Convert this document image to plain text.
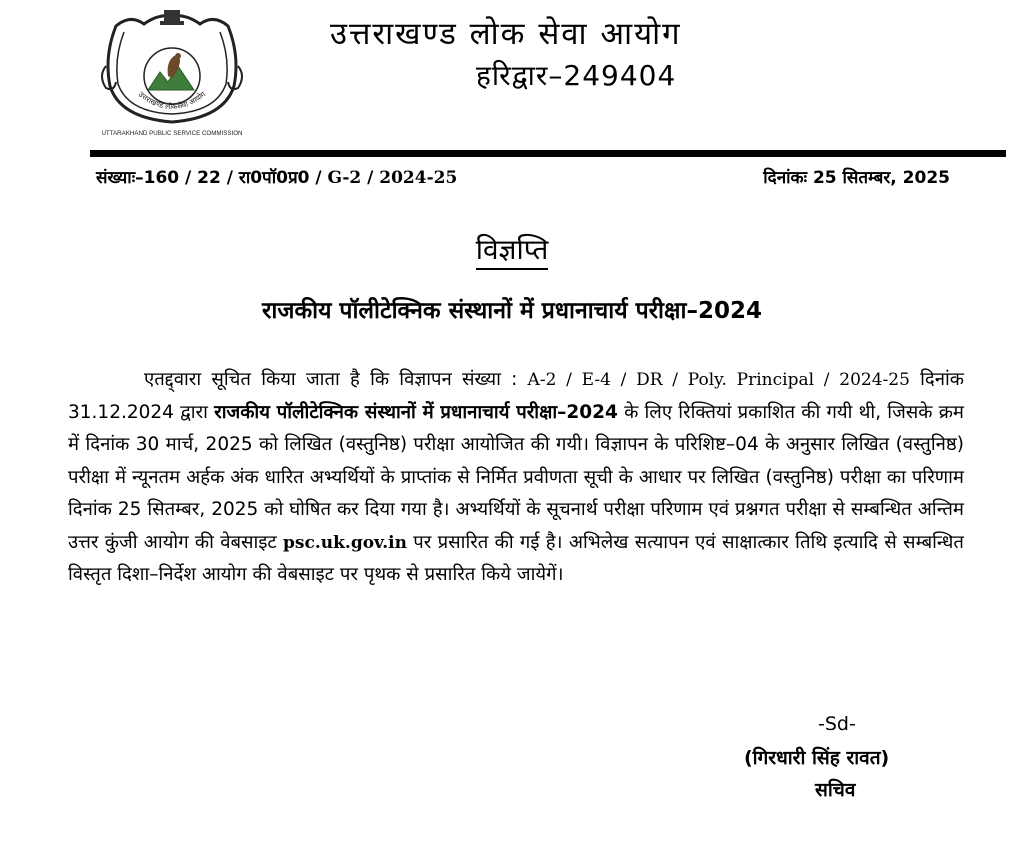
उत्तराखण्ड लोकसेवा आयोग
UTTARAKHAND PUBLIC SERVICE COMMISSION
उत्तराखण्ड लोक सेवा आयोग
हरिद्वार–249404
संख्याः–160 / 22 / रा0पॉ0प्र0 / G-2 / 2024-25	दिनांकः 25 सितम्बर, 2025
विज्ञप्ति
राजकीय पॉलीटेक्निक संस्थानों में प्रधानाचार्य परीक्षा–2024
एतद्द्वारा सूचित किया जाता है कि विज्ञापन संख्या : A-2 / E-4 / DR / Poly. Principal / 2024-25 दिनांक 31.12.2024 द्वारा राजकीय पॉलीटेक्निक संस्थानों में प्रधानाचार्य परीक्षा–2024 के लिए रिक्तियां प्रकाशित की गयी थी, जिसके क्रम में दिनांक 30 मार्च, 2025 को लिखित (वस्तुनिष्ठ) परीक्षा आयोजित की गयी। विज्ञापन के परिशिष्ट–04 के अनुसार लिखित (वस्तुनिष्ठ) परीक्षा में न्यूनतम अर्हक अंक धारित अभ्यर्थियों के प्राप्तांक से निर्मित प्रवीणता सूची के आधार पर लिखित (वस्तुनिष्ठ) परीक्षा का परिणाम दिनांक 25 सितम्बर, 2025 को घोषित कर दिया गया है। अभ्यर्थियों के सूचनार्थ परीक्षा परिणाम एवं प्रश्नगत परीक्षा से सम्बन्धित अन्तिम उत्तर कुंजी आयोग की वेबसाइट psc.uk.gov.in पर प्रसारित की गई है। अभिलेख सत्यापन एवं साक्षात्कार तिथि इत्यादि से सम्बन्धित विस्तृत दिशा–निर्देश आयोग की वेबसाइट पर पृथक से प्रसारित किये जायेगें।
-Sd-
(गिरधारी सिंह रावत)
सचिव
